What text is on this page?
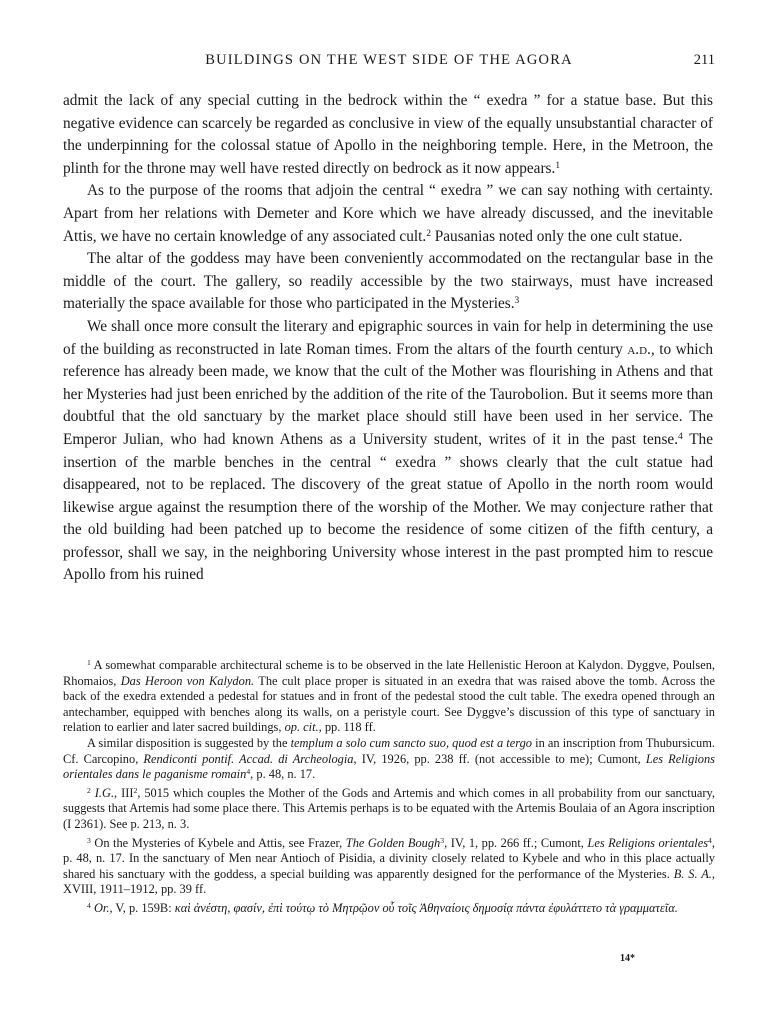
BUILDINGS ON THE WEST SIDE OF THE AGORA	211

admit the lack of any special cutting in the bedrock within the “ exedra ” for a statue base. But this negative evidence can scarcely be regarded as conclusive in view of the equally unsubstantial character of the underpinning for the colossal statue of Apollo in the neighboring temple. Here, in the Metroon, the plinth for the throne may well have rested directly on bedrock as it now appears.$^1$

As to the purpose of the rooms that adjoin the central “ exedra ” we can say nothing with certainty. Apart from her relations with Demeter and Kore which we have already discussed, and the inevitable Attis, we have no certain knowledge of any associated cult.$^2$ Pausanias noted only the one cult statue.

The altar of the goddess may have been conveniently accommodated on the rectangular base in the middle of the court. The gallery, so readily accessible by the two stairways, must have increased materially the space available for those who participated in the Mysteries.$^3$

We shall once more consult the literary and epigraphic sources in vain for help in determining the use of the building as reconstructed in late Roman times. From the altars of the fourth century a.d., to which reference has already been made, we know that the cult of the Mother was flourishing in Athens and that her Mysteries had just been enriched by the addition of the rite of the Taurobolion. But it seems more than doubtful that the old sanctuary by the market place should still have been used in her service. The Emperor Julian, who had known Athens as a University student, writes of it in the past tense.$^4$ The insertion of the marble benches in the central “ exedra ” shows clearly that the cult statue had disappeared, not to be replaced. The discovery of the great statue of Apollo in the north room would likewise argue against the resumption there of the worship of the Mother. We may conjecture rather that the old building had been patched up to become the residence of some citizen of the fifth century, a professor, shall we say, in the neighboring University whose interest in the past prompted him to rescue Apollo from his ruined

$^1$ A somewhat comparable architectural scheme is to be observed in the late Hellenistic Heroon at Kalydon. Dyggve, Poulsen, Rhomaios, Das Heroon von Kalydon. The cult place proper is situated in an exedra that was raised above the tomb. Across the back of the exedra extended a pedestal for statues and in front of the pedestal stood the cult table. The exedra opened through an antechamber, equipped with benches along its walls, on a peristyle court. See Dyggve’s discussion of this type of sanctuary in relation to earlier and later sacred buildings, op. cit., pp. 118 ff.

A similar disposition is suggested by the templum a solo cum sancto suo, quod est a tergo in an inscription from Thubursicum. Cf. Carcopino, Rendiconti pontif. Accad. di Archeologia, IV, 1926, pp. 238 ff. (not accessible to me); Cumont, Les Religions orientales dans le paganisme romain$^4$, p. 48, n. 17.

$^2$ I.G., III$^2$, 5015 which couples the Mother of the Gods and Artemis and which comes in all probability from our sanctuary, suggests that Artemis had some place there. This Artemis perhaps is to be equated with the Artemis Boulaia of an Agora inscription (I 2361). See p. 213, n. 3.

$^3$ On the Mysteries of Kybele and Attis, see Frazer, The Golden Bough$^3$, IV, 1, pp. 266 ff.; Cumont, Les Religions orientales$^4$, p. 48, n. 17. In the sanctuary of Men near Antioch of Pisidia, a divinity closely related to Kybele and who in this place actually shared his sanctuary with the goddess, a special building was apparently designed for the performance of the Mysteries. B. S. A., XVIII, 1911–1912, pp. 39 ff.

$^4$ Or., V, p. 159B: καὶ ἀνέστη, φασίν, ἐπὶ τούτῳ τὸ Μητρῷον οὗ τοῖς Ἀθηναίοις δημοσίᾳ πάντα ἐφυλάττετο τὰ γραμματεῖα.

14*
